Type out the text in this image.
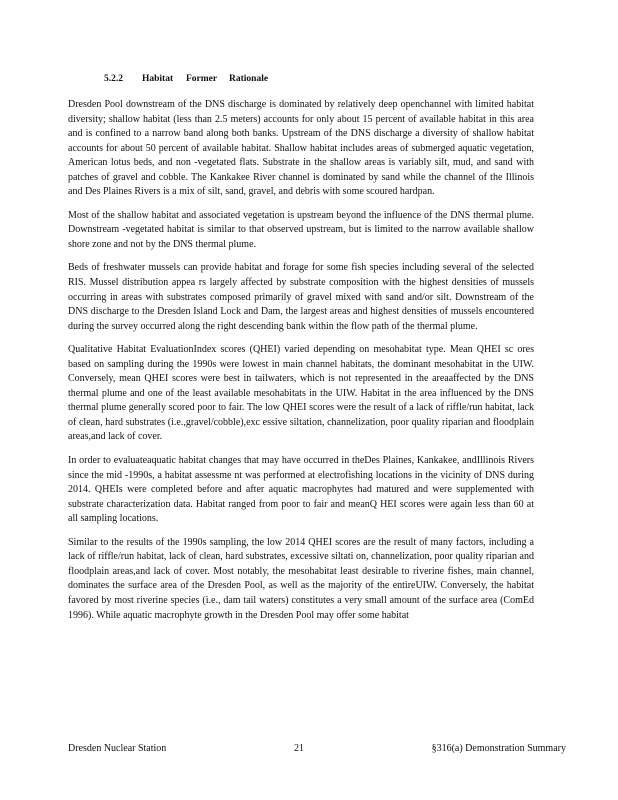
5.2.2	Habitat	Former	Rationale

Dresden Pool downstream of the DNS discharge is dominated by relatively deep openchannel with limited habitat diversity; shallow habitat (less than 2.5 meters) accounts for only about 15 percent of available habitat in this area and is confined to a narrow band along both banks. Upstream of the DNS discharge a diversity of shallow habitat accounts for about 50 percent of available habitat. Shallow habitat includes areas of submerged aquatic vegetation, American lotus beds, and non -vegetated flats. Substrate in the shallow areas is variably silt, mud, and sand with patches of gravel and cobble. The Kankakee River channel is dominated by sand while the channel of the Illinois and Des Plaines Rivers is a mix of silt, sand, gravel, and debris with some scoured hardpan.

Most of the shallow habitat and associated vegetation is upstream beyond the influence of the DNS thermal plume. Downstream -vegetated habitat is similar to that observed upstream, but is limited to the narrow available shallow shore zone and not by the DNS thermal plume.

Beds of freshwater mussels can provide habitat and forage for some fish species including several of the selected RIS. Mussel distribution appea rs largely affected by substrate composition with the highest densities of mussels occurring in areas with substrates composed primarily of gravel mixed with sand and/or silt. Downstream of the DNS discharge to the Dresden Island Lock and Dam, the largest areas and highest densities of mussels encountered during the survey occurred along the right descending bank within the flow path of the thermal plume.

Qualitative Habitat EvaluationIndex scores (QHEI) varied depending on mesohabitat type. Mean QHEI sc ores based on sampling during the 1990s were lowest in main channel habitats, the dominant mesohabitat in the UIW. Conversely, mean QHEI scores were best in tailwaters, which is not represented in the areaaffected by the DNS thermal plume and one of the least available mesohabitats in the UIW. Habitat in the area influenced by the DNS thermal plume generally scored poor to fair. The low QHEI scores were the result of a lack of riffle/run habitat, lack of clean, hard substrates (i.e.,gravel/cobble),exc essive siltation, channelization, poor quality riparian and floodplain areas,and lack of cover.

In order to evaluateaquatic habitat changes that may have occurred in theDes Plaines, Kankakee, andIllinois Rivers since the mid -1990s, a habitat assessme nt was performed at electrofishing locations in the vicinity of DNS during 2014. QHEIs were completed before and after aquatic macrophytes had matured and were supplemented with substrate characterization data. Habitat ranged from poor to fair and meanQ HEI scores were again less than 60 at all sampling locations.

Similar to the results of the 1990s sampling, the low 2014 QHEI scores are the result of many factors, including a lack of riffle/run habitat, lack of clean, hard substrates, excessive siltati on, channelization, poor quality riparian and floodplain areas,and lack of cover. Most notably, the mesohabitat least desirable to riverine fishes, main channel, dominates the surface area of the Dresden Pool, as well as the majority of the entireUIW. Conversely, the habitat favored by most riverine species (i.e., dam tail waters) constitutes a very small amount of the surface area (ComEd 1996). While aquatic macrophyte growth in the Dresden Pool may offer some habitat

Dresden Nuclear Station	21	§316(a) Demonstration Summary
